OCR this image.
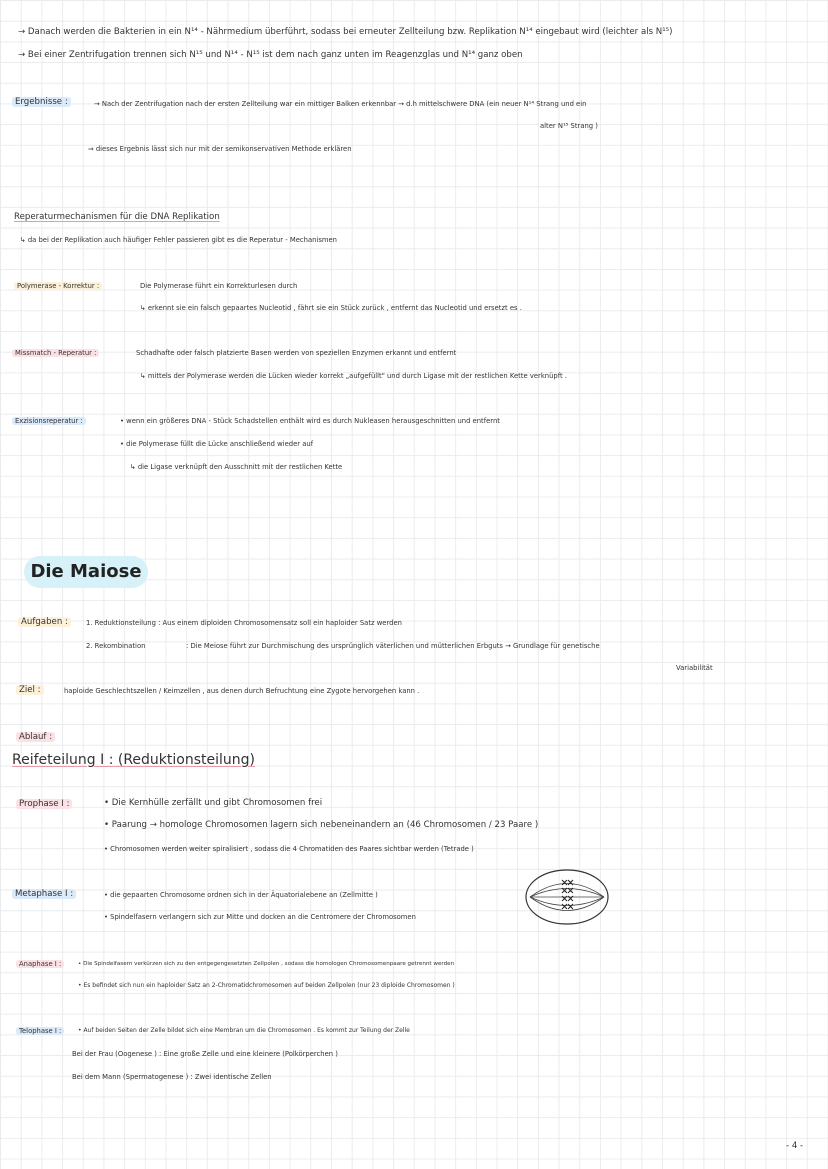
→ Danach werden die Bakterien in ein N¹⁴ - Nährmedium überführt, sodass bei erneuter Zellteilung bzw. Replikation N¹⁴ eingebaut wird (leichter als N¹⁵)
→ Bei einer Zentrifugation trennen sich N¹⁵ und N¹⁴ - N¹⁵ ist dem nach ganz unten im Reagenzglas und N¹⁴ ganz oben
Ergebnisse :	→ Nach der Zentrifugation nach der ersten Zellteilung war ein mittiger Balken erkennbar → d.h mittelschwere DNA (ein neuer N¹⁴ Strang und ein
alter N¹⁵ Strang )
⇒ dieses Ergebnis lässt sich nur mit der semikonservativen Methode erklären
Reperaturmechanismen für die DNA Replikation
↳ da bei der Replikation auch häufiger Fehler passieren gibt es die Reperatur - Mechanismen
Polymerase - Korrektur :	Die Polymerase führt ein Korrekturlesen durch
↳ erkennt sie ein falsch gepaartes Nucleotid , fährt sie ein Stück zurück , entfernt das Nucleotid und ersetzt es .
Missmatch - Reperatur :	Schadhafte oder falsch platzierte Basen werden von speziellen Enzymen erkannt und entfernt
↳ mittels der Polymerase werden die Lücken wieder korrekt „aufgefüllt" und durch Ligase mit der restlichen Kette verknüpft .
Exzisionsreperatur :	• wenn ein größeres DNA - Stück Schadstellen enthält wird es durch Nukleasen herausgeschnitten und entfernt
• die Polymerase füllt die Lücke anschließend wieder auf
↳ die Ligase verknüpft den Ausschnitt mit der restlichen Kette
Die Maiose
Aufgaben :	1. Reduktionsteilung : Aus einem diploiden Chromosomensatz soll ein haploider Satz werden
2. Rekombination	: Die Meiose führt zur Durchmischung des ursprünglich väterlichen und mütterlichen Erbguts → Grundlage für genetische
Variabilität
Ziel :	haploide Geschlechtszellen / Keimzellen , aus denen durch Befruchtung eine Zygote hervorgehen kann .
Ablauf :
Reifeteilung I : (Reduktionsteilung)
Prophase I :	• Die Kernhülle zerfällt und gibt Chromosomen frei
• Paarung → homologe Chromosomen lagern sich nebeneinandern an (46 Chromosomen / 23 Paare )
• Chromosomen werden weiter spiralisiert , sodass die 4 Chromatiden des Paares sichtbar werden (Tetrade )
Metaphase I :	• die gepaarten Chromosome ordnen sich in der Äquatorialebene an (Zellmitte )
• Spindelfasern verlangern sich zur Mitte und docken an die Centromere der Chromosomen
Anaphase I :	• Die Spindelfasern verkürzen sich zu den entgegengesetzten Zellpolen , sodass die homologen Chromosomenpaare getrennt werden
• Es befindet sich nun ein haploider Satz an 2-Chromatidchromosomen auf beiden Zellpolen (nur 23 diploide Chromosomen )
Telophase I :	• Auf beiden Seiten der Zelle bildet sich eine Membran um die Chromosomen . Es kommt zur Teilung der Zelle
Bei der Frau (Oogenese ) : Eine große Zelle und eine kleinere (Polkörperchen )
Bei dem Mann (Spermatogenese ) : Zwei identische Zellen
- 4 -
